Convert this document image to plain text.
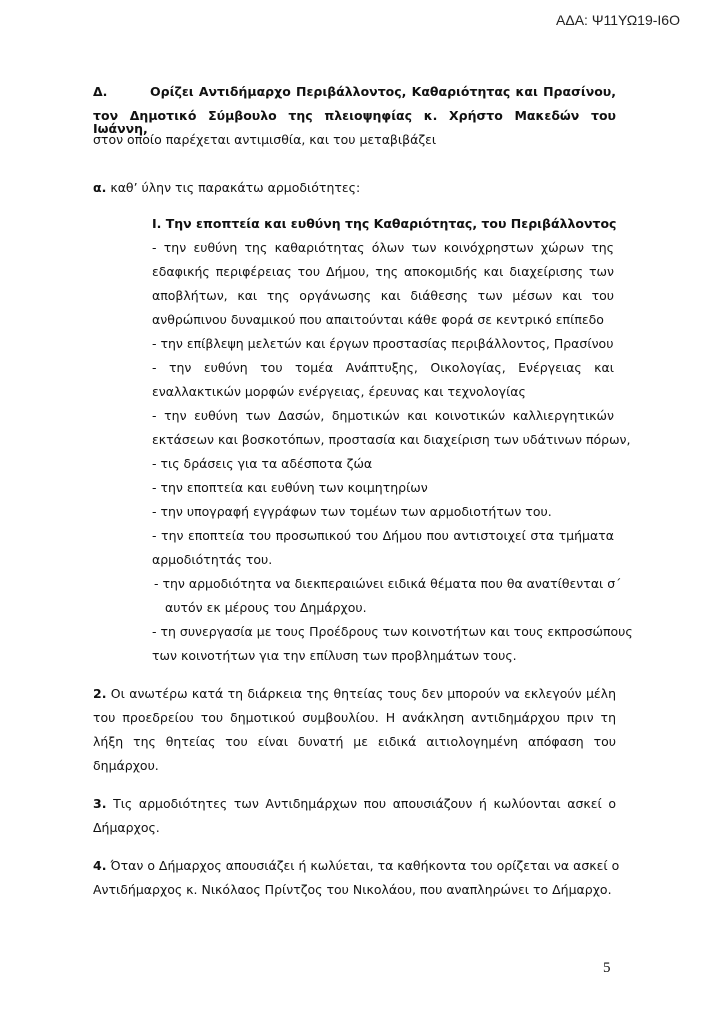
ΑΔΑ: Ψ11ΥΩ19-Ι6Ο
Δ.	Ορίζει Αντιδήμαρχο Περιβάλλοντος, Καθαριότητας και Πρασίνου,
τον Δημοτικό Σύμβουλο της πλειοψηφίας κ. Χρήστο Μακεδών του Ιωάννη,
στον οποίο παρέχεται αντιμισθία, και του μεταβιβάζει
α. καθ’ ύλην τις παρακάτω αρμοδιότητες:
Ι. Την εποπτεία και ευθύνη της Καθαριότητας, του Περιβάλλοντος
- την ευθύνη της καθαριότητας όλων των κοινόχρηστων χώρων της
εδαφικής περιφέρειας του Δήμου, της αποκομιδής και διαχείρισης των
αποβλήτων, και της οργάνωσης και διάθεσης των μέσων και του
ανθρώπινου δυναμικού που απαιτούνται κάθε φορά σε κεντρικό επίπεδο
- την επίβλεψη μελετών και έργων προστασίας περιβάλλοντος, Πρασίνου
- την ευθύνη του τομέα Ανάπτυξης, Οικολογίας, Ενέργειας και
εναλλακτικών μορφών ενέργειας, έρευνας και τεχνολογίας
- την ευθύνη των Δασών, δημοτικών και κοινοτικών καλλιεργητικών
εκτάσεων και βοσκοτόπων, προστασία και διαχείριση των υδάτινων πόρων,
- τις δράσεις για τα αδέσποτα ζώα
- την εποπτεία και ευθύνη των κοιμητηρίων
- την υπογραφή εγγράφων των τομέων των αρμοδιοτήτων του.
- την εποπτεία του προσωπικού του Δήμου που αντιστοιχεί στα τμήματα
αρμοδιότητάς του.
- την αρμοδιότητα να διεκπεραιώνει ειδικά θέματα που θα ανατίθενται σ΄
αυτόν εκ μέρους του Δημάρχου.
- τη συνεργασία με τους Προέδρους των κοινοτήτων και τους εκπροσώπους
των κοινοτήτων για την επίλυση των προβλημάτων τους.
2. Οι ανωτέρω κατά τη διάρκεια της θητείας τους δεν μπορούν να εκλεγούν μέλη
του προεδρείου του δημοτικού συμβουλίου. Η ανάκληση αντιδημάρχου πριν τη
λήξη της θητείας του είναι δυνατή με ειδικά αιτιολογημένη απόφαση του
δημάρχου.
3. Τις αρμοδιότητες των Αντιδημάρχων που απουσιάζουν ή κωλύονται ασκεί ο
Δήμαρχος.
4. Όταν ο Δήμαρχος απουσιάζει ή κωλύεται, τα καθήκοντα του ορίζεται να ασκεί ο
Αντιδήμαρχος κ. Νικόλαος Πρίντζος του Νικολάου, που αναπληρώνει το Δήμαρχο.
5
